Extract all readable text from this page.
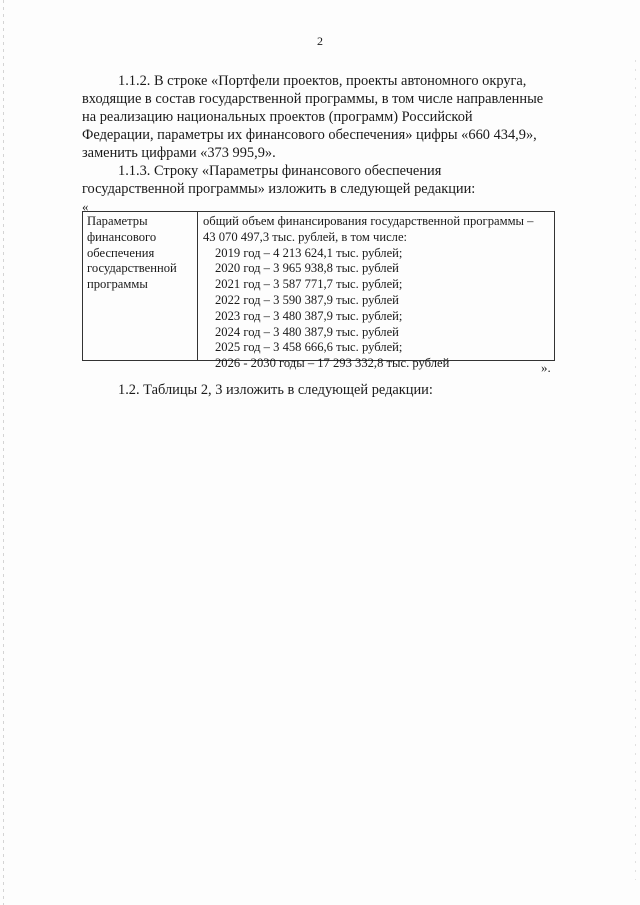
2
1.1.2. В строке «Портфели проектов, проекты автономного округа,
входящие в состав государственной программы, в том числе направленные
на реализацию национальных проектов (программ) Российской
Федерации, параметры их финансового обеспечения» цифры «660 434,9»,
заменить цифрами «373 995,9».
1.1.3. Строку «Параметры финансового обеспечения
государственной программы» изложить в следующей редакции:
«
Параметры
финансового
обеспечения
государственной
программы
общий объем финансирования государственной программы –
43 070 497,3 тыс. рублей, в том числе:
2019 год – 4 213 624,1 тыс. рублей;
2020 год – 3 965 938,8 тыс. рублей
2021 год – 3 587 771,7 тыс. рублей;
2022 год – 3 590 387,9 тыс. рублей
2023 год – 3 480 387,9 тыс. рублей;
2024 год – 3 480 387,9 тыс. рублей
2025 год – 3 458 666,6 тыс. рублей;
2026 - 2030 годы – 17 293 332,8 тыс. рублей	».
1.2. Таблицы 2, 3 изложить в следующей редакции:
